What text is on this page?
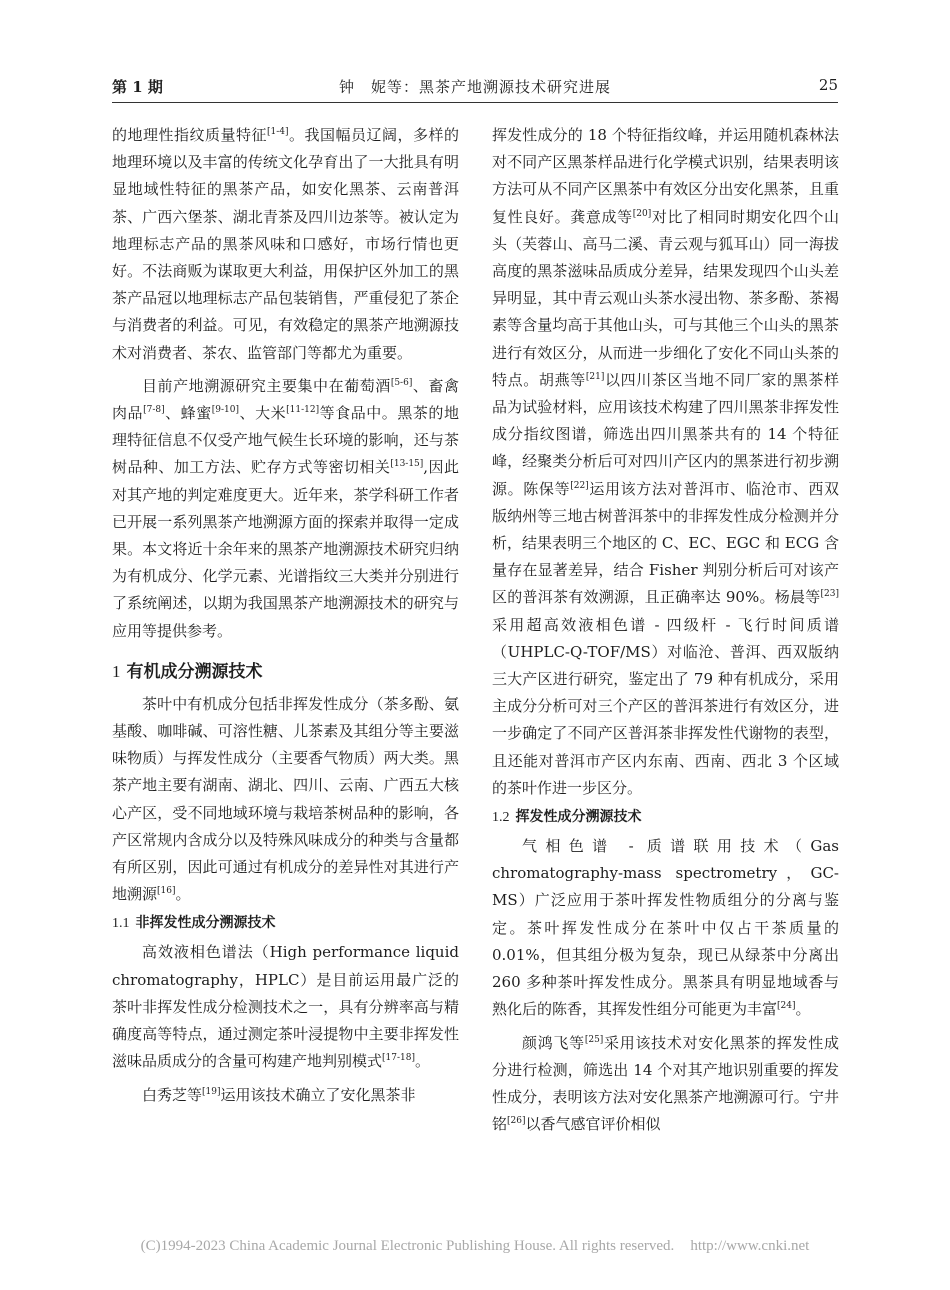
第 1 期	钟　妮等：黑茶产地溯源技术研究进展	25

的地理性指纹质量特征[1-4]。我国幅员辽阔，多样的地理环境以及丰富的传统文化孕育出了一大批具有明显地域性特征的黑茶产品，如安化黑茶、云南普洱茶、广西六堡茶、湖北青茶及四川边茶等。被认定为地理标志产品的黑茶风味和口感好，市场行情也更好。不法商贩为谋取更大利益，用保护区外加工的黑茶产品冠以地理标志产品包装销售，严重侵犯了茶企与消费者的利益。可见，有效稳定的黑茶产地溯源技术对消费者、茶农、监管部门等都尤为重要。

目前产地溯源研究主要集中在葡萄酒[5-6]、畜禽肉品[7-8]、蜂蜜[9-10]、大米[11-12]等食品中。黑茶的地理特征信息不仅受产地气候生长环境的影响，还与茶树品种、加工方法、贮存方式等密切相关[13-15],因此对其产地的判定难度更大。近年来，茶学科研工作者已开展一系列黑茶产地溯源方面的探索并取得一定成果。本文将近十余年来的黑茶产地溯源技术研究归纳为有机成分、化学元素、光谱指纹三大类并分别进行了系统阐述，以期为我国黑茶产地溯源技术的研究与应用等提供参考。

1 有机成分溯源技术

茶叶中有机成分包括非挥发性成分（茶多酚、氨基酸、咖啡碱、可溶性糖、儿茶素及其组分等主要滋味物质）与挥发性成分（主要香气物质）两大类。黑茶产地主要有湖南、湖北、四川、云南、广西五大核心产区，受不同地域环境与栽培茶树品种的影响，各产区常规内含成分以及特殊风味成分的种类与含量都有所区别，因此可通过有机成分的差异性对其进行产地溯源[16]。

1.1 非挥发性成分溯源技术

高效液相色谱法（High performance liquid chromatography，HPLC）是目前运用最广泛的茶叶非挥发性成分检测技术之一，具有分辨率高与精确度高等特点，通过测定茶叶浸提物中主要非挥发性滋味品质成分的含量可构建产地判别模式[17-18]。

白秀芝等[19]运用该技术确立了安化黑茶非

挥发性成分的 18 个特征指纹峰，并运用随机森林法对不同产区黑茶样品进行化学模式识别，结果表明该方法可从不同产区黑茶中有效区分出安化黑茶，且重复性良好。龚意成等[20]对比了相同时期安化四个山头（芙蓉山、高马二溪、青云观与狐耳山）同一海拔高度的黑茶滋味品质成分差异，结果发现四个山头差异明显，其中青云观山头茶水浸出物、茶多酚、茶褐素等含量均高于其他山头，可与其他三个山头的黑茶进行有效区分，从而进一步细化了安化不同山头茶的特点。胡燕等[21]以四川茶区当地不同厂家的黑茶样品为试验材料，应用该技术构建了四川黑茶非挥发性成分指纹图谱，筛选出四川黑茶共有的 14 个特征峰，经聚类分析后可对四川产区内的黑茶进行初步溯源。陈保等[22]运用该方法对普洱市、临沧市、西双版纳州等三地古树普洱茶中的非挥发性成分检测并分析，结果表明三个地区的 C、EC、EGC 和 ECG 含量存在显著差异，结合 Fisher 判别分析后可对该产区的普洱茶有效溯源，且正确率达 90%。杨晨等[23]采用超高效液相色谱 - 四级杆 - 飞行时间质谱（UHPLC-Q-TOF/MS）对临沧、普洱、西双版纳三大产区进行研究，鉴定出了 79 种有机成分，采用主成分分析可对三个产区的普洱茶进行有效区分，进一步确定了不同产区普洱茶非挥发性代谢物的表型，且还能对普洱市产区内东南、西南、西北 3 个区域的茶叶作进一步区分。

1.2 挥发性成分溯源技术

气相色谱 - 质谱联用技术（Gas chromatography-mass spectrometry，GC-MS）广泛应用于茶叶挥发性物质组分的分离与鉴定。茶叶挥发性成分在茶叶中仅占干茶质量的 0.01%，但其组分极为复杂，现已从绿茶中分离出 260 多种茶叶挥发性成分。黑茶具有明显地域香与熟化后的陈香，其挥发性组分可能更为丰富[24]。

颜鸿飞等[25]采用该技术对安化黑茶的挥发性成分进行检测，筛选出 14 个对其产地识别重要的挥发性成分，表明该方法对安化黑茶产地溯源可行。宁井铭[26]以香气感官评价相似

(C)1994-2023 China Academic Journal Electronic Publishing House. All rights reserved. http://www.cnki.net
